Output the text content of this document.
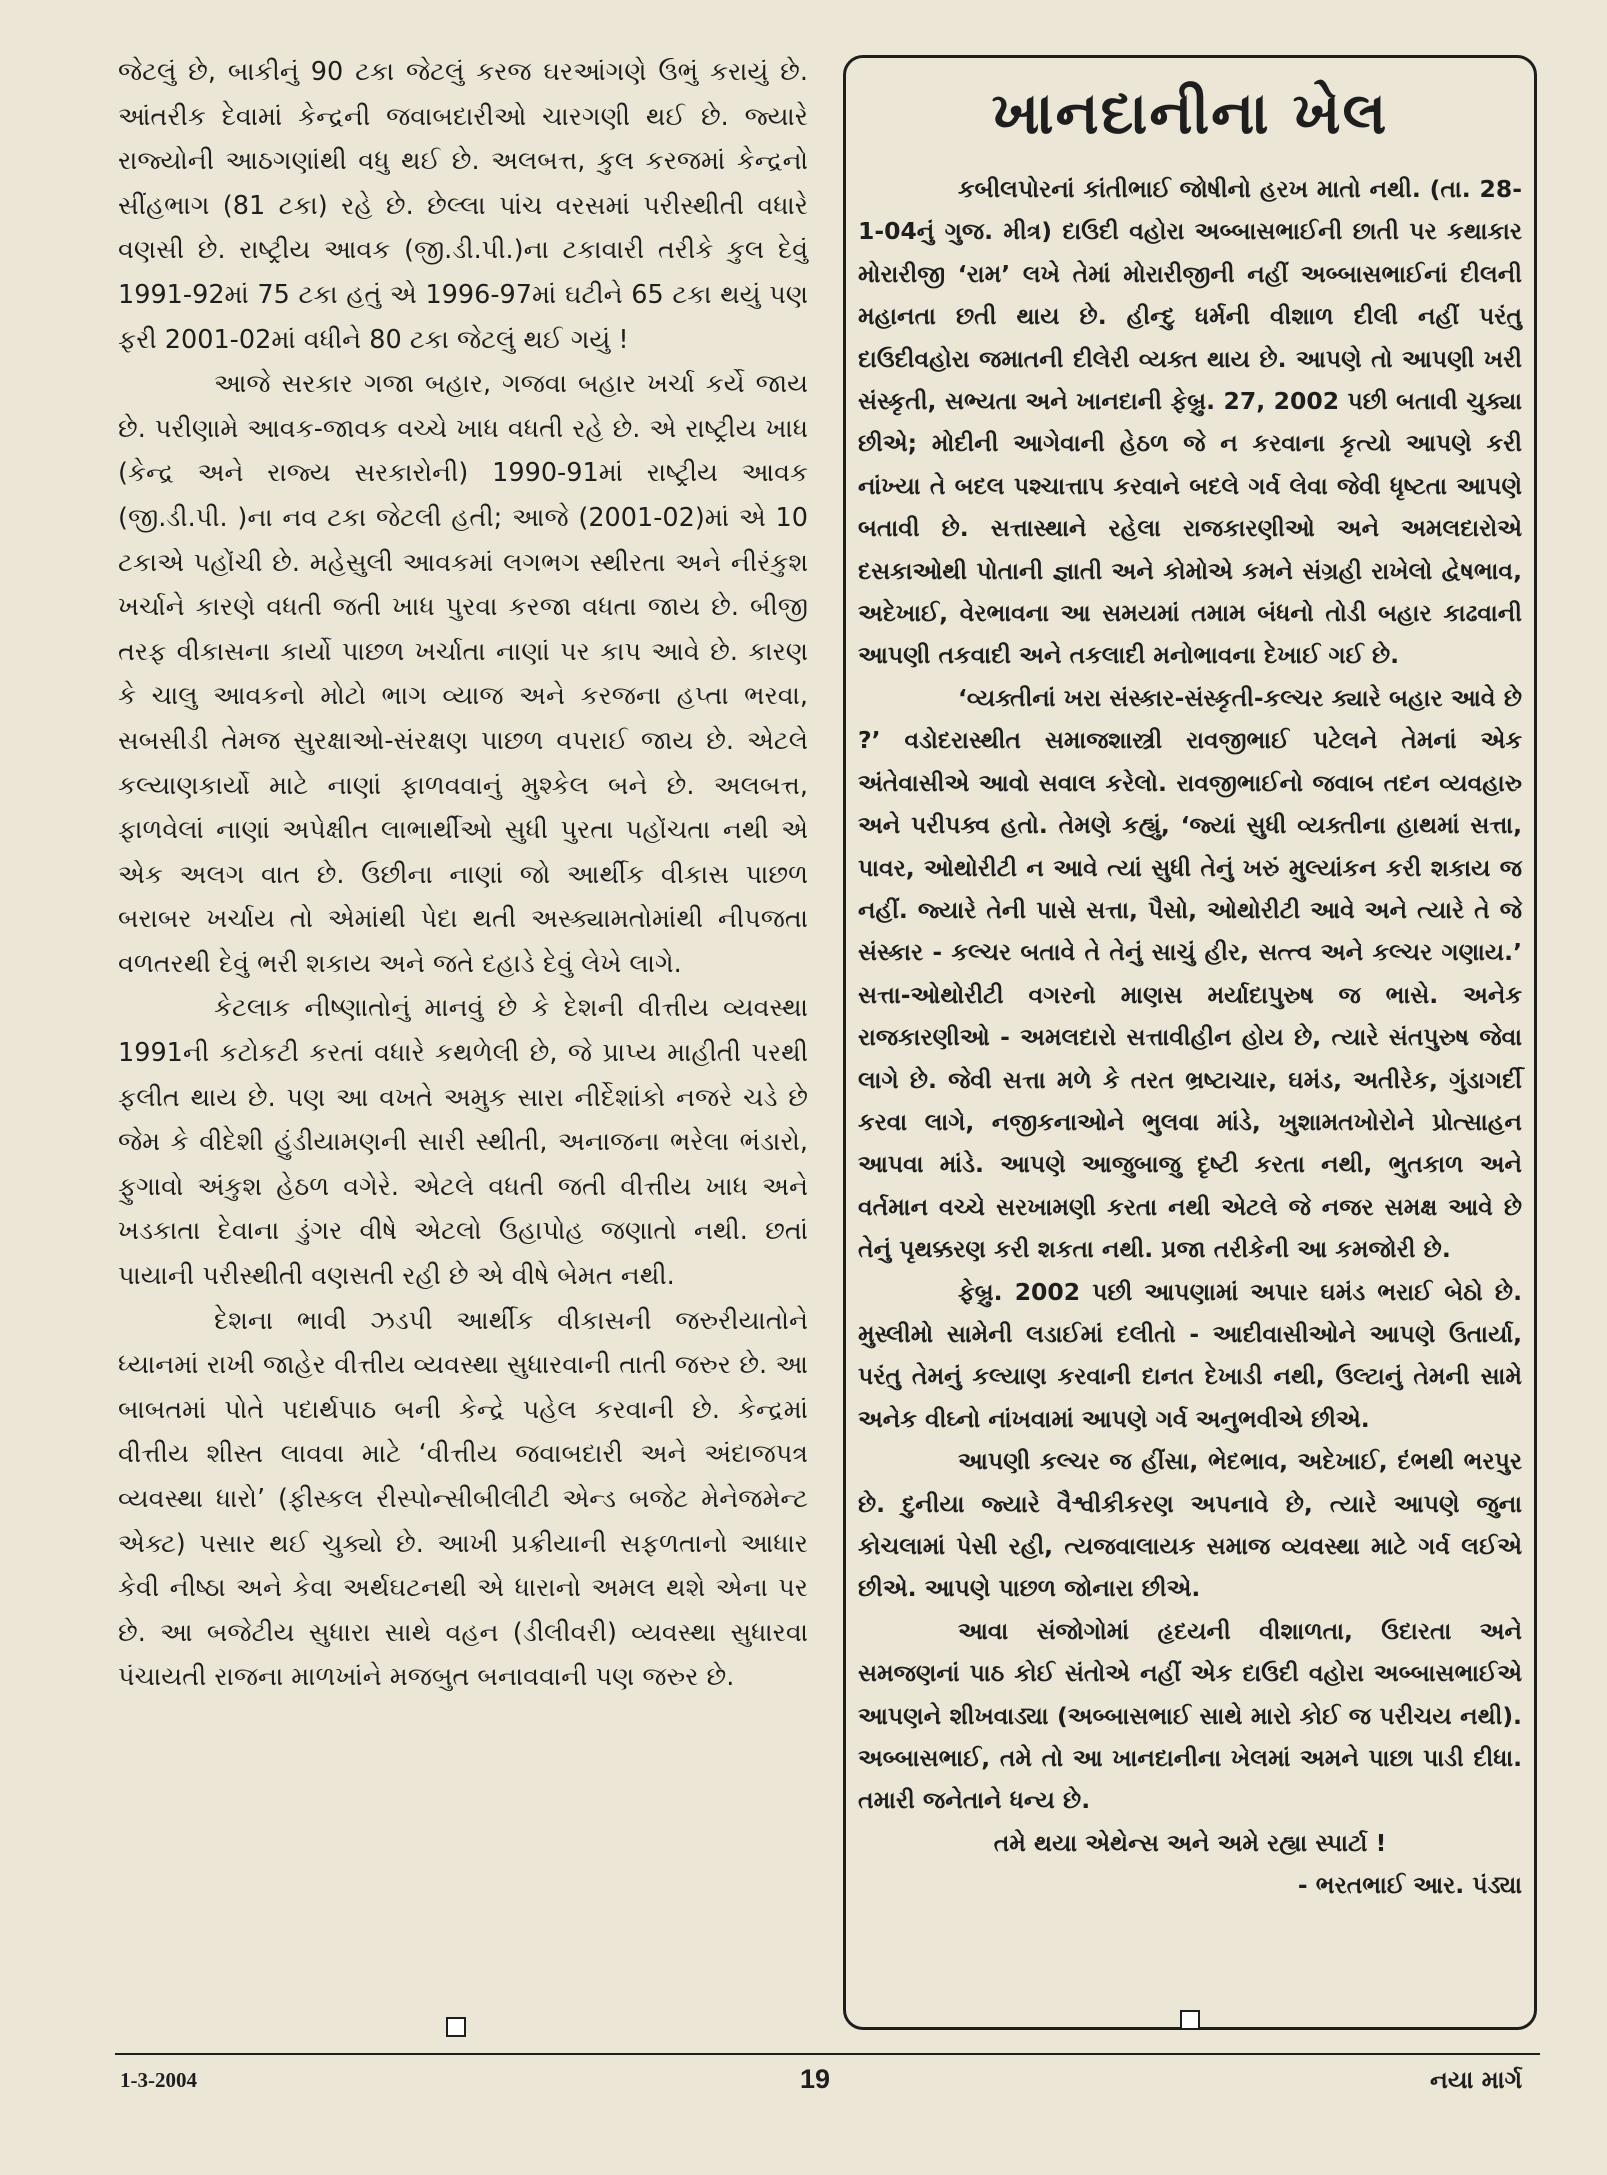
જેટલું છે, બાકીનું 90 ટકા જેટલું કરજ ઘરઆંગણે ઉભું કરાયું છે. આંતરીક દેવામાં કેન્દ્રની જવાબદારીઓ ચારગણી થઈ છે. જ્યારે રાજ્યોની આઠગણાંથી વધુ થઈ છે. અલબત્ત, કુલ કરજમાં કેન્દ્રનો સીંહભાગ (81 ટકા) રહે છે. છેલ્લા પાંચ વરસમાં પરીસ્થીતી વધારે વણસી છે. રાષ્ટ્રીય આવક (જી.ડી.પી.)ના ટકાવારી તરીકે કુલ દેવું 1991-92માં 75 ટકા હતું એ 1996-97માં ઘટીને 65 ટકા થયું પણ ફરી 2001-02માં વધીને 80 ટકા જેટલું થઈ ગયું !

આજે સરકાર ગજા બહાર, ગજવા બહાર ખર્ચા કર્યે જાય છે. પરીણામે આવક-જાવક વચ્ચે ખાધ વધતી રહે છે. એ રાષ્ટ્રીય ખાધ (કેન્દ્ર અને રાજ્ય સરકારોની) 1990-91માં રાષ્ટ્રીય આવક (જી.ડી.પી. )ના નવ ટકા જેટલી હતી; આજે (2001-02)માં એ 10 ટકાએ પહોંચી છે. મહેસુલી આવકમાં લગભગ સ્થીરતા અને નીરંકુશ ખર્ચાને કારણે વધતી જતી ખાધ પુરવા કરજા વધતા જાય છે. બીજી તરફ વીકાસના કાર્યો પાછળ ખર્ચાતા નાણાં પર કાપ આવે છે. કારણ કે ચાલુ આવકનો મોટો ભાગ વ્યાજ અને કરજના હપ્તા ભરવા, સબસીડી તેમજ સુરક્ષાઓ-સંરક્ષણ પાછળ વપરાઈ જાય છે. એટલે કલ્યાણકાર્યો માટે નાણાં ફાળવવાનું મુશ્કેલ બને છે. અલબત્ત, ફાળવેલાં નાણાં અપેક્ષીત લાભાર્થીઓ સુધી પુરતા પહોંચતા નથી એ એક અલગ વાત છે. ઉછીના નાણાં જો આર્થીક વીકાસ પાછળ બરાબર ખર્ચાય તો એમાંથી પેદા થતી અસ્ક્યામતોમાંથી નીપજતા વળતરથી દેવું ભરી શકાય અને જતે દહાડે દેવું લેખે લાગે.

કેટલાક નીષ્ણાતોનું માનવું છે કે દેશની વીત્તીય વ્યવસ્થા 1991ની કટોકટી કરતાં વધારે કથળેલી છે, જે પ્રાપ્ય માહીતી પરથી ફલીત થાય છે. પણ આ વખતે અમુક સારા નીર્દેશાંકો નજરે ચડે છે જેમ કે વીદેશી હુંડીયામણની સારી સ્થીતી, અનાજના ભરેલા ભંડારો, ફુગાવો અંકુશ હેઠળ વગેરે. એટલે વધતી જતી વીત્તીય ખાધ અને ખડકાતા દેવાના ડુંગર વીષે એટલો ઉહાપોહ જણાતો નથી. છતાં પાયાની પરીસ્થીતી વણસતી રહી છે એ વીષે બેમત નથી.

દેશના ભાવી ઝડપી આર્થીક વીકાસની જરુરીયાતોને ધ્યાનમાં રાખી જાહેર વીત્તીય વ્યવસ્થા સુધારવાની તાતી જરુર છે. આ બાબતમાં પોતે પદાર્થપાઠ બની કેન્દ્રે પહેલ કરવાની છે. કેન્દ્રમાં વીત્તીય શીસ્ત લાવવા માટે ‘વીત્તીય જવાબદારી અને અંદાજપત્ર વ્યવસ્થા ધારો’ (ફીસ્કલ રીસ્પોન્સીબીલીટી એન્ડ બજેટ મેનેજમેન્ટ એક્ટ) પસાર થઈ ચુક્યો છે. આખી પ્રક્રીયાની સફળતાનો આધાર કેવી નીષ્ઠા અને કેવા અર્થઘટનથી એ ધારાનો અમલ થશે એના પર છે. આ બજેટીય સુધારા સાથે વહન (ડીલીવરી) વ્યવસ્થા સુધારવા પંચાયતી રાજના માળખાંને મજબુત બનાવવાની પણ જરુર છે.

ખાનદાનીના ખેલ

કબીલપોરનાં કાંતીભાઈ જોષીનો હરખ માતો નથી. (તા. 28-1-04નું ગુજ. મીત્ર) દાઉદી વહોરા અબ્બાસભાઈની છાતી પર કથાકાર મોરારીજી ‘રામ’ લખે તેમાં મોરારીજીની નહીં અબ્બાસભાઈનાં દીલની મહાનતા છતી થાય છે. હીન્દુ ધર્મની વીશાળ દીલી નહીં પરંતુ દાઉદીવહોરા જમાતની દીલેરી વ્યક્ત થાય છે. આપણે તો આપણી ખરી સંસ્કૃતી, સભ્યતા અને ખાનદાની ફેબ્રુ. 27, 2002 પછી બતાવી ચુક્યા છીએ; મોદીની આગેવાની હેઠળ જે ન કરવાના કૃત્યો આપણે કરી નાંખ્યા તે બદલ પશ્ચાત્તાપ કરવાને બદલે ગર્વ લેવા જેવી ધૃષ્ટતા આપણે બતાવી છે. સત્તાસ્થાને રહેલા રાજકારણીઓ અને અમલદારોએ દસકાઓથી પોતાની જ્ઞાતી અને કોમોએ કમને સંગ્રહી રાખેલો દ્વેષભાવ, અદેખાઈ, વેરભાવના આ સમયમાં તમામ બંધનો તોડી બહાર કાઢવાની આપણી તકવાદી અને તકલાદી મનોભાવના દેખાઈ ગઈ છે.

‘વ્યક્તીનાં ખરા સંસ્કાર-સંસ્કૃતી-કલ્ચર ક્યારે બહાર આવે છે ?’ વડોદરાસ્થીત સમાજશાસ્ત્રી રાવજીભાઈ પટેલને તેમનાં એક અંતેવાસીએ આવો સવાલ કરેલો. રાવજીભાઈનો જવાબ તદન વ્યવહારુ અને પરીપક્વ હતો. તેમણે કહ્યું, ‘જ્યાં સુધી વ્યક્તીના હાથમાં સત્તા, પાવર, ઓથોરીટી ન આવે ત્યાં સુધી તેનું ખરું મુલ્યાંકન કરી શકાય જ નહીં. જ્યારે તેની પાસે સત્તા, પૈસો, ઓથોરીટી આવે અને ત્યારે તે જે સંસ્કાર - કલ્ચર બતાવે તે તેનું સાચું હીર, સત્ત્વ અને કલ્ચર ગણાય.’ સત્તા-ઓથોરીટી વગરનો માણસ મર્યાદાપુરુષ જ ભાસે. અનેક રાજકારણીઓ - અમલદારો સત્તાવીહીન હોય છે, ત્યારે સંતપુરુષ જેવા લાગે છે. જેવી સત્તા મળે કે તરત ભ્રષ્ટાચાર, ઘમંડ, અતીરેક, ગુંડાગર્દી કરવા લાગે, નજીકનાઓને ભુલવા માંડે, ખુશામતખોરોને પ્રોત્સાહન આપવા માંડે. આપણે આજુબાજુ દૃષ્ટી કરતા નથી, ભુતકાળ અને વર્તમાન વચ્ચે સરખામણી કરતા નથી એટલે જે નજર સમક્ષ આવે છે તેનું પૃથક્કરણ કરી શકતા નથી. પ્રજા તરીકેની આ કમજોરી છે.

ફેબ્રુ. 2002 પછી આપણામાં અપાર ઘમંડ ભરાઈ બેઠો છે. મુસ્લીમો સામેની લડાઈમાં દલીતો - આદીવાસીઓને આપણે ઉતાર્યા, પરંતુ તેમનું કલ્યાણ કરવાની દાનત દેખાડી નથી, ઉલ્ટાનું તેમની સામે અનેક વીઘ્નો નાંખવામાં આપણે ગર્વ અનુભવીએ છીએ.

આપણી કલ્ચર જ હીંસા, ભેદભાવ, અદેખાઈ, દંભથી ભરપુર છે. દુનીયા જ્યારે વૈશ્વીકીકરણ અપનાવે છે, ત્યારે આપણે જુના કોચલામાં પેસી રહી, ત્યજવાલાયક સમાજ વ્યવસ્થા માટે ગર્વ લઈએ છીએ. આપણે પાછળ જોનારા છીએ.

આવા સંજોગોમાં હૃદયની વીશાળતા, ઉદારતા અને સમજણનાં પાઠ કોઈ સંતોએ નહીં એક દાઉદી વહોરા અબ્બાસભાઈએ આપણને શીખવાડ્યા (અબ્બાસભાઈ સાથે મારો કોઈ જ પરીચય નથી). અબ્બાસભાઈ, તમે તો આ ખાનદાનીના ખેલમાં અમને પાછા પાડી દીધા. તમારી જનેતાને ધન્ય છે.

તમે થયા એથેન્સ અને અમે રહ્યા સ્પાર્ટા !

- ભરતભાઈ આર. પંડ્યા

1-3-2004	19	નયા માર્ગ
